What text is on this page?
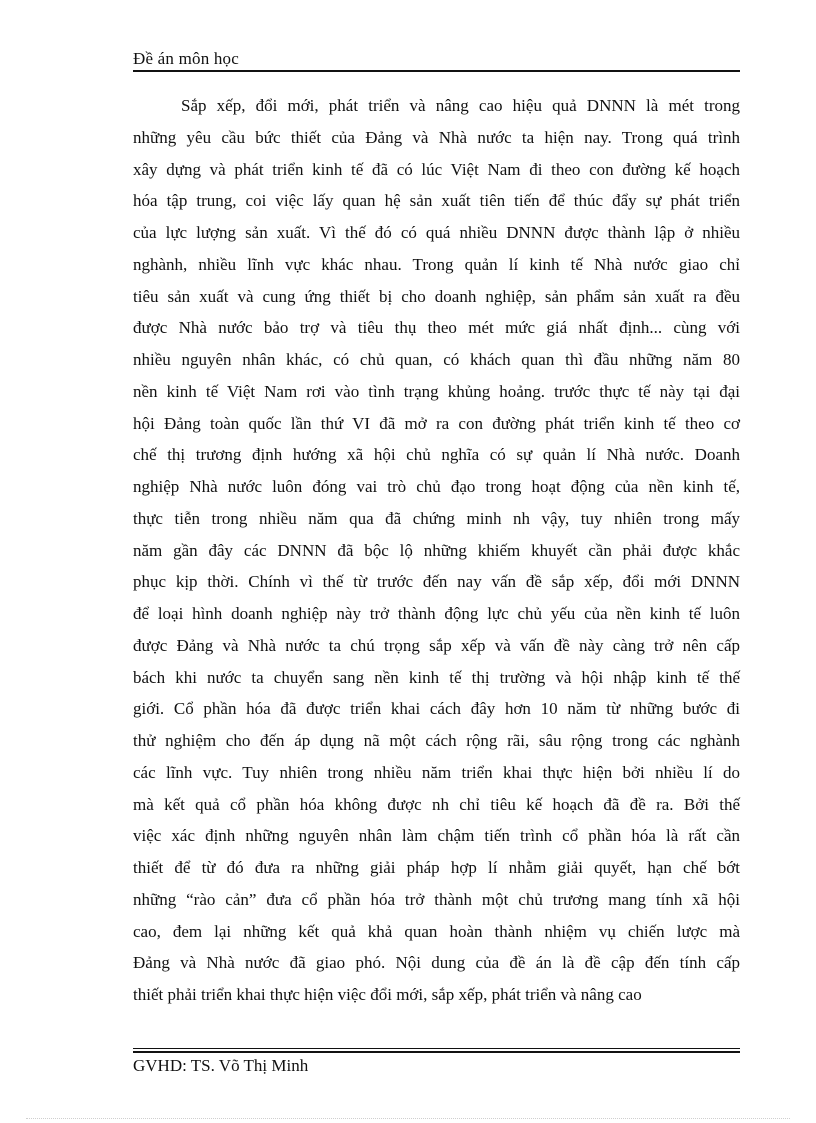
Đề án môn học
Sắp xếp, đổi mới, phát triển và nâng cao hiệu quả DNNN là mét trong
những yêu cầu bức thiết của Đảng và Nhà nước ta hiện nay. Trong quá trình
xây dựng và phát triển kinh tế đã có lúc Việt Nam đi theo con đường kế hoạch
hóa tập trung, coi việc lấy quan hệ sản xuất tiên tiến để thúc đẩy sự phát triển
của lực lượng sản xuất. Vì thế đó có quá nhiều DNNN được thành lập ở nhiều
nghành, nhiều lĩnh vực khác nhau. Trong quản lí kinh tế Nhà nước giao chỉ
tiêu sản xuất và cung ứng thiết bị cho doanh nghiệp, sản phẩm sản xuất ra đều
được Nhà nước bảo trợ và tiêu thụ theo mét mức giá nhất định... cùng với
nhiều nguyên nhân khác, có chủ quan, có khách quan thì đầu những năm 80
nền kinh tế Việt Nam rơi vào tình trạng khủng hoảng. trước thực tế này tại đại
hội Đảng toàn quốc lần thứ VI đã mở ra con đường phát triển kinh tế theo cơ
chế thị trương định hướng xã hội chủ nghĩa có sự quản lí Nhà nước. Doanh
nghiệp Nhà nước luôn đóng vai trò chủ đạo trong hoạt động của nền kinh tế,
thực tiễn trong nhiều năm qua đã chứng minh nh vậy, tuy nhiên trong mấy
năm gần đây các DNNN đã bộc lộ những khiếm khuyết cần phải được khắc
phục kịp thời. Chính vì thế từ trước đến nay vấn đề sắp xếp, đổi mới DNNN
để loại hình doanh nghiệp này trở thành động lực chủ yếu của nền kinh tế luôn
được Đảng và Nhà nước ta chú trọng sắp xếp và vấn đề này càng trở nên cấp
bách khi nước ta chuyển sang nền kinh tế thị trường và hội nhập kinh tế thế
giới. Cổ phần hóa đã được triển khai cách đây hơn 10 năm từ những bước đi
thử nghiệm cho đến áp dụng nã một cách rộng rãi, sâu rộng trong các nghành
các lĩnh vực. Tuy nhiên trong nhiều năm triển khai thực hiện bởi nhiều lí do
mà kết quả cổ phần hóa không được nh chỉ tiêu kế hoạch đã đề ra. Bởi thế
việc xác định những nguyên nhân làm chậm tiến trình cổ phần hóa là rất cần
thiết để từ đó đưa ra những giải pháp hợp lí nhằm giải quyết, hạn chế bớt
những “rào cản” đưa cổ phần hóa trở thành một chủ trương mang tính xã hội
cao, đem lại những kết quả khả quan hoàn thành nhiệm vụ chiến lược mà
Đảng và Nhà nước đã giao phó. Nội dung của đề án là đề cập đến tính cấp
thiết phải triển khai thực hiện việc đổi mới, sắp xếp, phát triển và nâng cao
GVHD: TS. Võ Thị Minh
